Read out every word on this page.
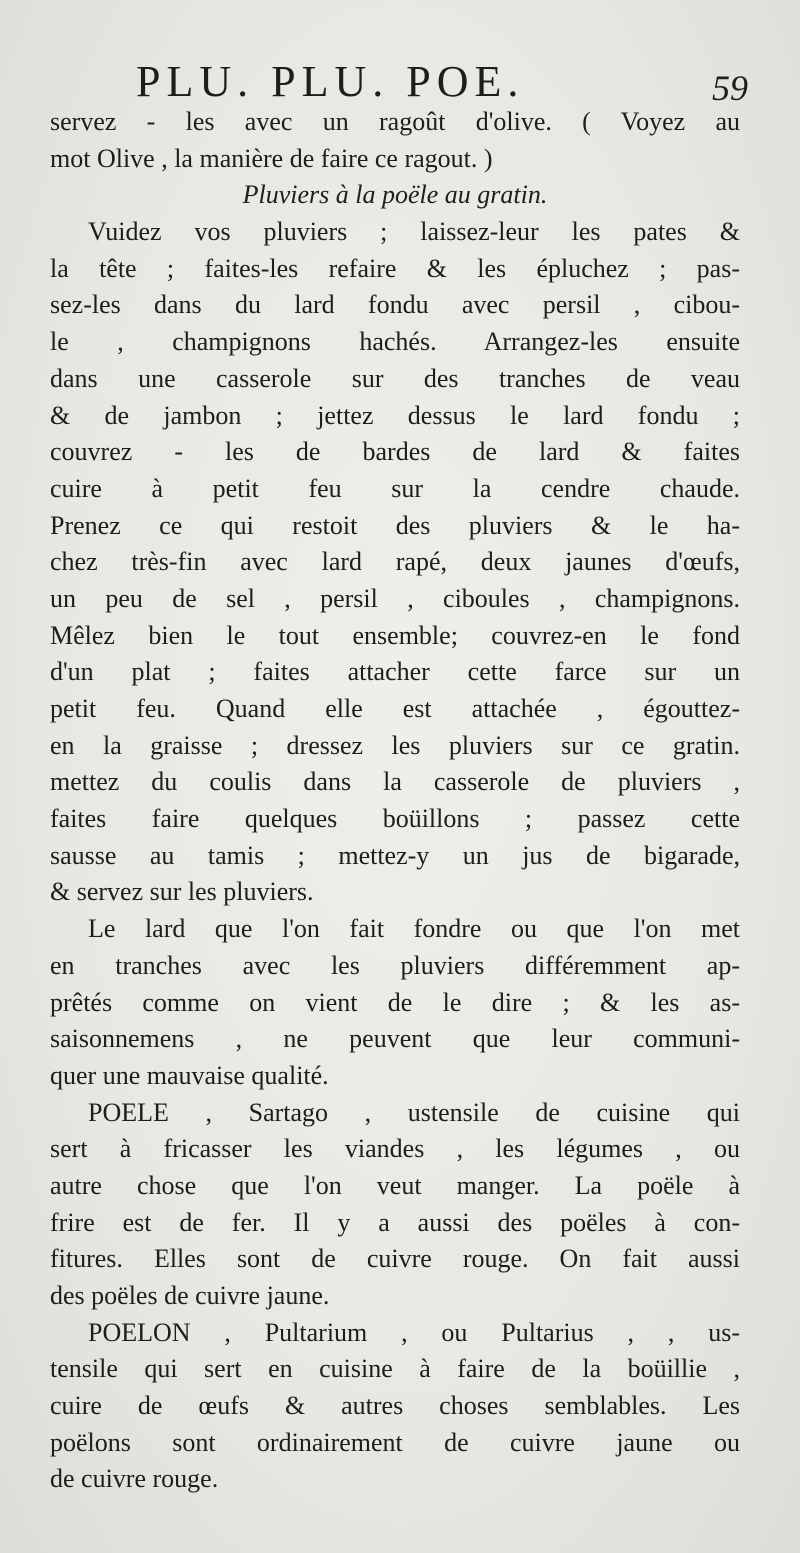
PLU. PLU. POE.	59
servez - les avec un ragoût d'olive. ( Voyez au
mot Olive , la manière de faire ce ragout. )
Pluviers à la poële au gratin.
Vuidez vos pluviers ; laissez-leur les pates &
la tête ; faites-les refaire & les épluchez ; pas-
sez-les dans du lard fondu avec persil , cibou-
le , champignons hachés. Arrangez-les ensuite
dans une casserole sur des tranches de veau
& de jambon ; jettez dessus le lard fondu ;
couvrez - les de bardes de lard & faites
cuire à petit feu sur la cendre chaude.
Prenez ce qui restoit des pluviers & le ha-
chez très-fin avec lard rapé, deux jaunes d'œufs,
un peu de sel , persil , ciboules , champignons.
Mêlez bien le tout ensemble; couvrez-en le fond
d'un plat ; faites attacher cette farce sur un
petit feu. Quand elle est attachée , égouttez-
en la graisse ; dressez les pluviers sur ce gratin.
mettez du coulis dans la casserole de pluviers ,
faites faire quelques boüillons ; passez cette
sausse au tamis ; mettez-y un jus de bigarade,
& servez sur les pluviers.
Le lard que l'on fait fondre ou que l'on met
en tranches avec les pluviers différemment ap-
prêtés comme on vient de le dire ; & les as-
saisonnemens , ne peuvent que leur communi-
quer une mauvaise qualité.
POELE , Sartago , ustensile de cuisine qui
sert à fricasser les viandes , les légumes , ou
autre chose que l'on veut manger. La poële à
frire est de fer. Il y a aussi des poëles à con-
fitures. Elles sont de cuivre rouge. On fait aussi
des poëles de cuivre jaune.
POELON , Pultarium , ou Pultarius , , us-
tensile qui sert en cuisine à faire de la boüillie ,
cuire de œufs & autres choses semblables. Les
poëlons sont ordinairement de cuivre jaune ou
de cuivre rouge.
